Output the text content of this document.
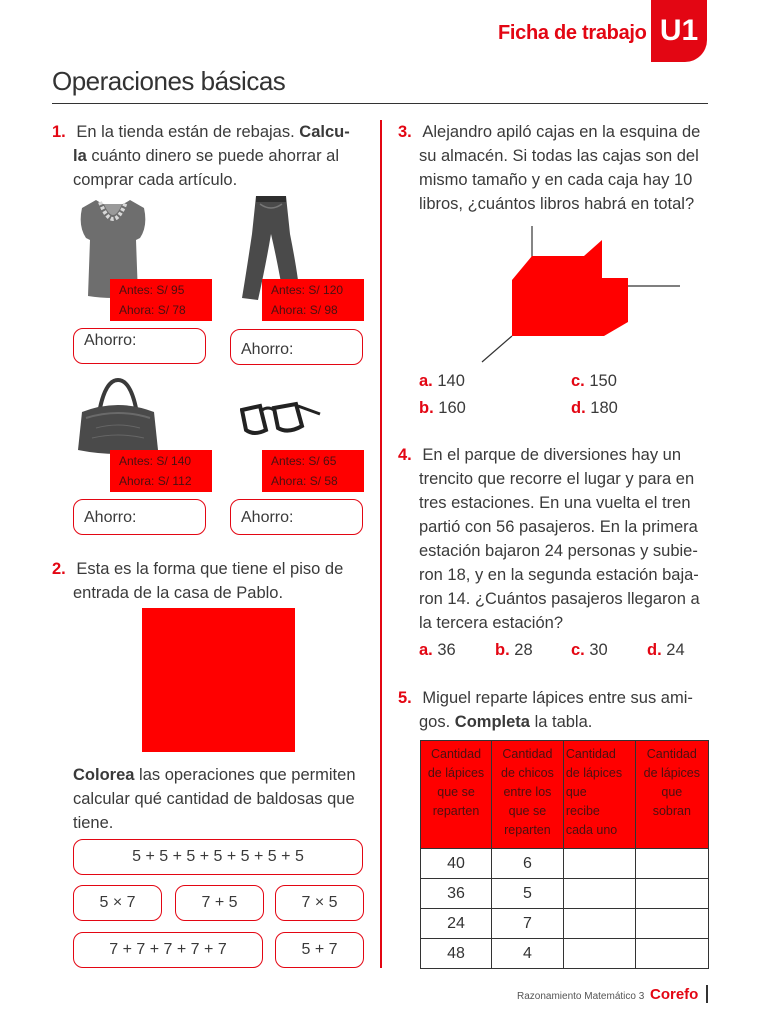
Ficha de trabajo U1
Operaciones básicas
1. En la tienda están de rebajas. Calcu-
la cuánto dinero se puede ahorrar al
comprar cada artículo.
Antes: S/ 95
Ahora: S/ 78
Ahorro:
Antes: S/ 120
Ahora: S/ 98
Ahorro:
Antes: S/ 140
Ahora: S/ 112
Ahorro:
Antes: S/ 65
Ahora: S/ 58
Ahorro:
2. Esta es la forma que tiene el piso de
entrada de la casa de Pablo.
Colorea las operaciones que permiten
calcular qué cantidad de baldosas que
tiene.
5 + 5 + 5 + 5 + 5 + 5 + 5
5 × 7	7 + 5	7 × 5
7 + 7 + 7 + 7 + 7	5 + 7
3. Alejandro apiló cajas en la esquina de
su almacén. Si todas las cajas son del
mismo tamaño y en cada caja hay 10
libros, ¿cuántos libros habrá en total?
a. 140	c. 150
b. 160	d. 180
4. En el parque de diversiones hay un
trencito que recorre el lugar y para en
tres estaciones. En una vuelta el tren
partió con 56 pasajeros. En la primera
estación bajaron 24 personas y subie-
ron 18, y en la segunda estación baja-
ron 14. ¿Cuántos pasajeros llegaron a
la tercera estación?
a. 36 b. 28 c. 30 d. 24
5. Miguel reparte lápices entre sus ami-
gos. Completa la tabla.
Cantidad
de lápices
que se
reparten	Cantidad
de chicos
entre los
que se
reparten	Cantidad
de lápices
que
recibe
cada uno	Cantidad
de lápices
que
sobran
40	6		
36	5		
24	7		
48	4		
Razonamiento Matemático 3 Corefo
